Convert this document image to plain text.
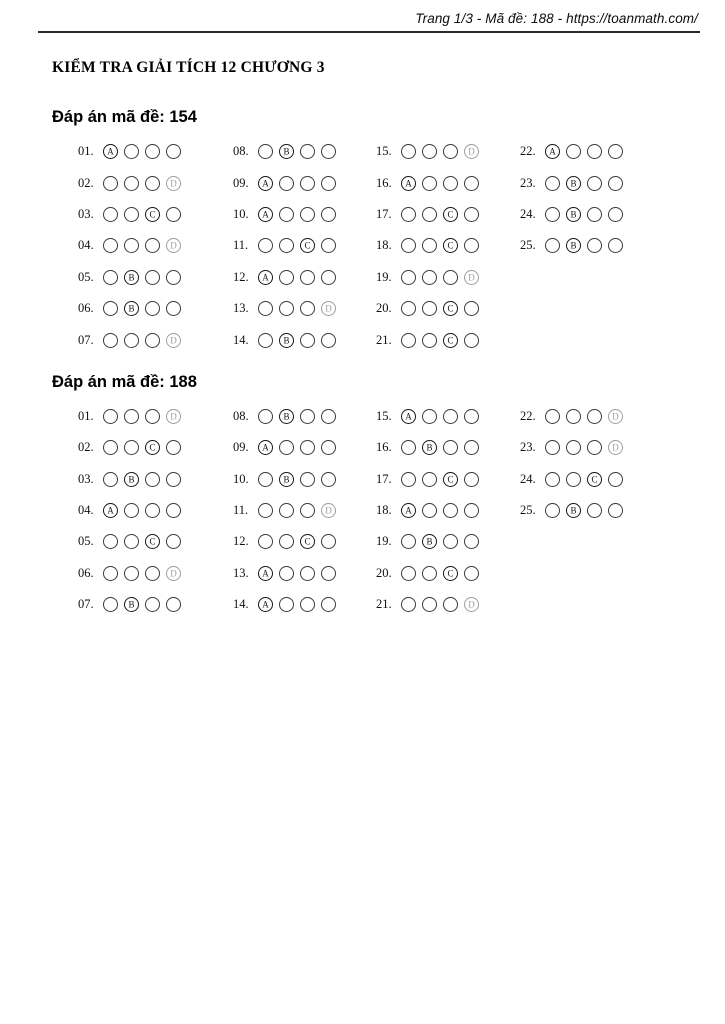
Trang 1/3 - Mã đề: 188 - https://toanmath.com/
KIỂM TRA GIẢI TÍCH 12 CHƯƠNG 3
Đáp án mã đề: 154
01.	A
02.	D
03.	C
04.	D
05.	B
06.	B
07.	D
08.	B
09.	A
10.	A
11.	C
12.	A
13.	D
14.	B
15.	D
16.	A
17.	C
18.	C
19.	D
20.	C
21.	C
22.	A
23.	B
24.	B
25.	B
Đáp án mã đề: 188
01.	D
02.	C
03.	B
04.	A
05.	C
06.	D
07.	B
08.	B
09.	A
10.	B
11.	D
12.	C
13.	A
14.	A
15.	A
16.	B
17.	C
18.	A
19.	B
20.	C
21.	D
22.	D
23.	D
24.	C
25.	B
